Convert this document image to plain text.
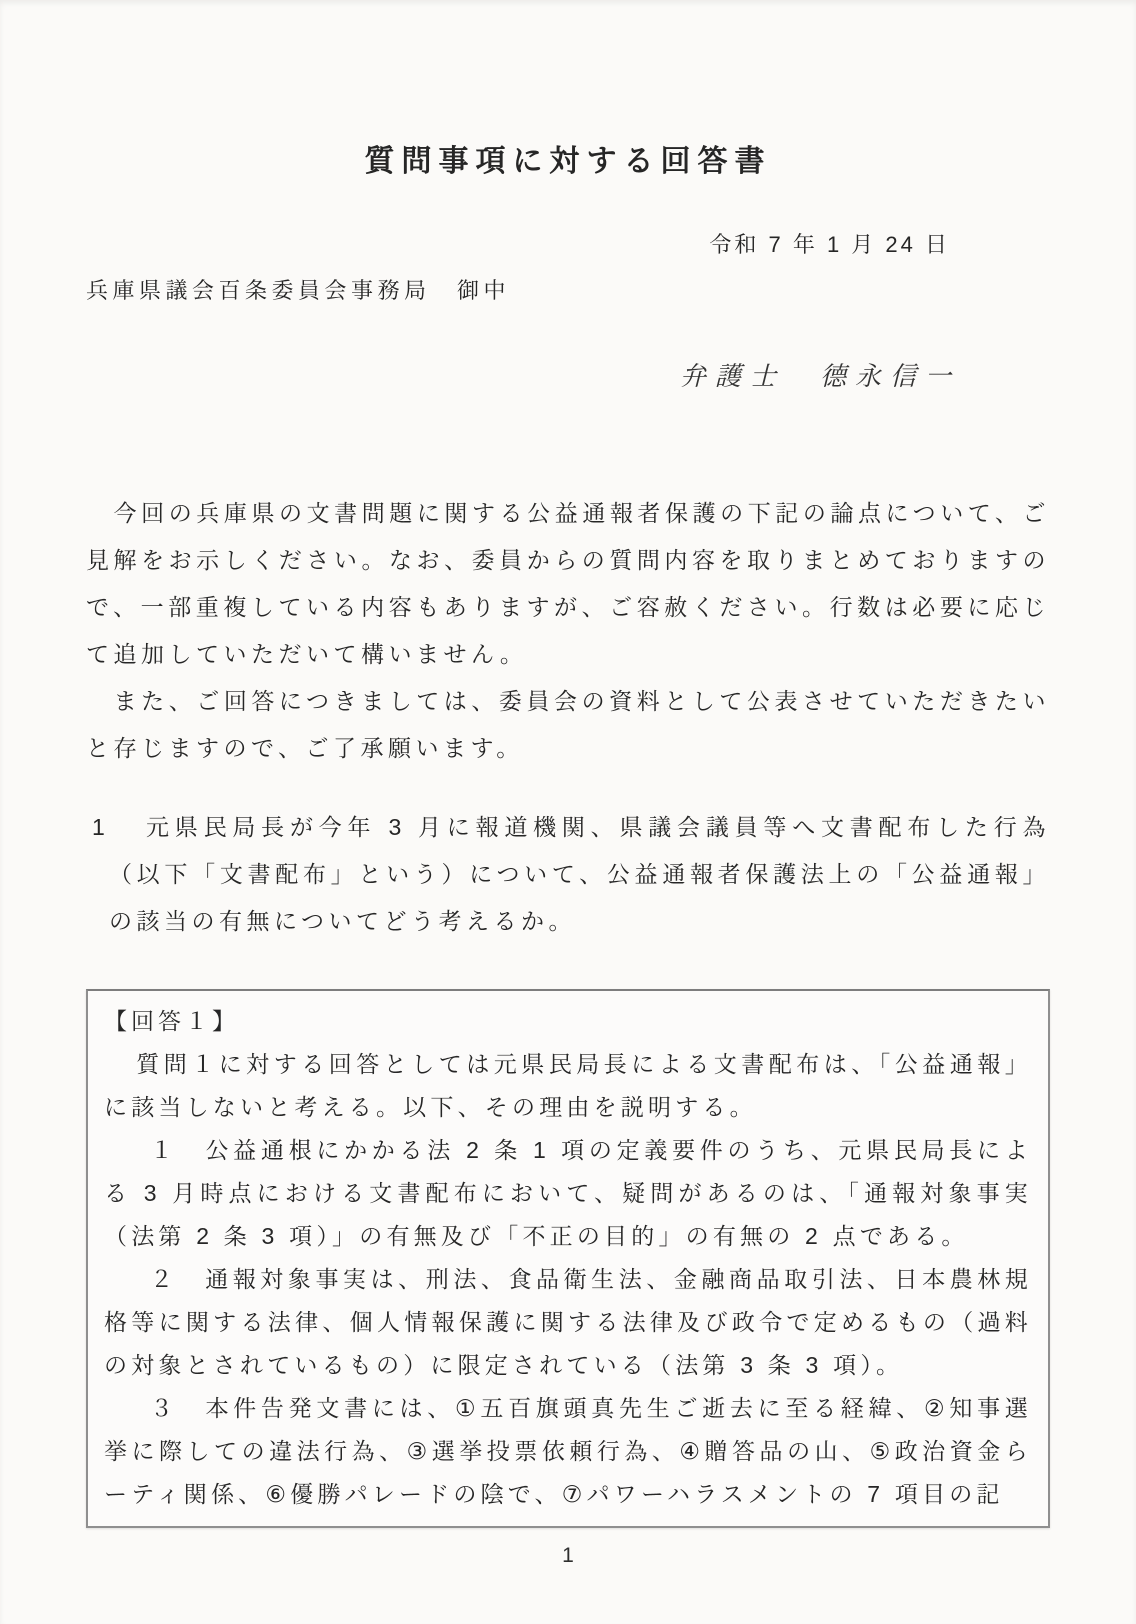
質問事項に対する回答書
令和 7 年 1 月 24 日
兵庫県議会百条委員会事務局　御中
弁護士　德永信一

今回の兵庫県の文書問題に関する公益通報者保護の下記の論点について、ご見解をお示しください。なお、委員からの質問内容を取りまとめておりますので、一部重複している内容もありますが、ご容赦ください。行数は必要に応じて追加していただいて構いません。

また、ご回答につきましては、委員会の資料として公表させていただきたいと存じますので、ご了承願います。

1 元県民局長が今年 3 月に報道機関、県議会議員等へ文書配布した行為（以下「文書配布」という）について、公益通報者保護法上の「公益通報」の該当の有無についてどう考えるか。

【回答１】

質問１に対する回答としては元県民局長による文書配布は、「公益通報」に該当しないと考える。以下、その理由を説明する。

１　公益通根にかかる法 2 条 1 項の定義要件のうち、元県民局長による 3 月時点における文書配布において、疑問があるのは、「通報対象事実（法第 2 条 3 項）」の有無及び「不正の目的」の有無の 2 点である。

２　通報対象事実は、刑法、食品衛生法、金融商品取引法、日本農林規格等に関する法律、個人情報保護に関する法律及び政令で定めるもの（過料の対象とされているもの）に限定されている（法第 3 条 3 項）。

３　本件告発文書には、①五百旗頭真先生ご逝去に至る経緯、②知事選挙に際しての違法行為、③選挙投票依頼行為、④贈答品の山、⑤政治資金らーティ関係、⑥優勝パレードの陰で、⑦パワーハラスメントの 7 項目の記

1
